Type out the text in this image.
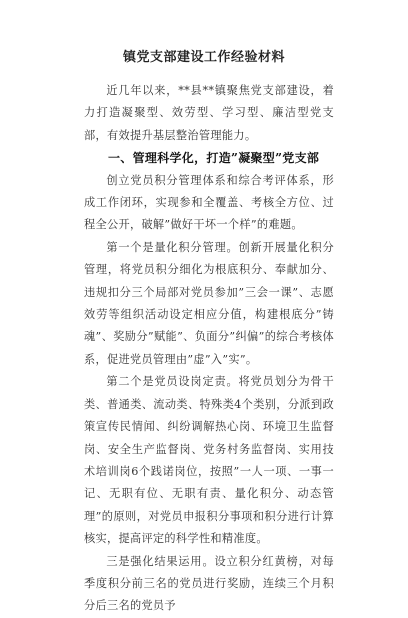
镇党支部建设工作经验材料

近几年以来，**县**镇聚焦党支部建设，着力打造凝聚型、效劳型、学习型、廉洁型党支部，有效提升基层整治管理能力。

一、管理科学化，打造”凝聚型”党支部

创立党员积分管理体系和综合考评体系，形成工作闭环，实现参和全覆盖、考核全方位、过程全公开，破解”做好干坏一个样”的难题。

第一个是量化积分管理。创新开展量化积分管理，将党员积分细化为根底积分、奉献加分、违规扣分三个局部对党员参加”三会一课”、志愿效劳等组织活动设定相应分值，构建根底分”铸魂”、奖励分”赋能”、负面分”纠偏”的综合考核体系，促进党员管理由”虚”入”实”。

第二个是党员设岗定责。将党员划分为骨干类、普通类、流动类、特殊类4个类别，分派到政策宣传民情闻、纠纷调解热心岗、环境卫生监督岗、安全生产监督岗、党务村务监督岗、实用技术培训岗6个践诺岗位，按照”一人一项、一事一记、无职有位、无职有责、量化积分、动态管理”的原则，对党员申报积分事项和积分进行计算核实，提高评定的科学性和精准度。

三是强化结果运用。设立积分红黄榜，对每季度积分前三名的党员进行奖励，连续三个月积分后三名的党员予
